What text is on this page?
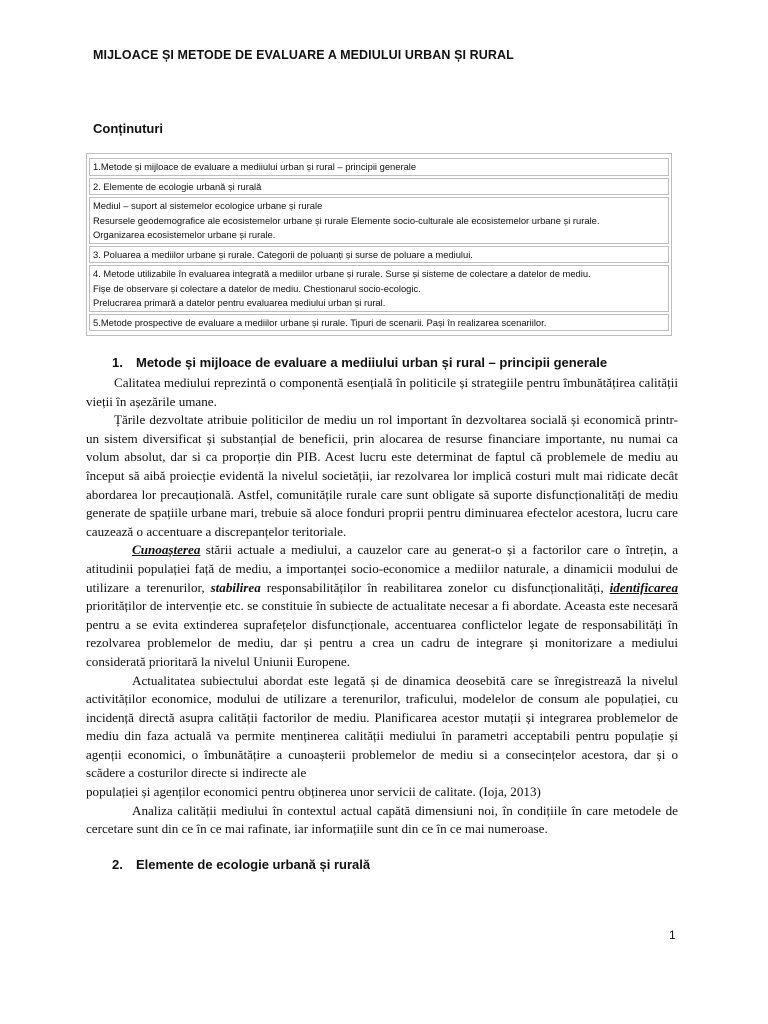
MIJLOACE ȘI METODE DE EVALUARE A MEDIULUI URBAN ȘI RURAL
Conținuturi
1.Metode și mijloace de evaluare a mediiului urban și rural – principii generale
2. Elemente de ecologie urbană și rurală
Mediul – suport al sistemelor ecologice urbane și rurale
Resursele geodemografice ale ecosistemelor urbane și rurale Elemente socio-culturale ale ecosistemelor urbane și rurale.
Organizarea ecosistemelor urbane și rurale.
3. Poluarea a mediilor urbane și rurale. Categorii de poluanți și surse de poluare a mediului.
4. Metode utilizabile în evaluarea integrată a mediilor urbane și rurale. Surse și sisteme de colectare a datelor de mediu.
Fișe de observare și colectare a datelor de mediu. Chestionarul socio-ecologic.
Prelucrarea primară a datelor pentru evaluarea mediului urban și rural.
5.Metode prospective de evaluare a mediilor urbane și rurale. Tipuri de scenarii. Pași în realizarea scenariilor.
1. Metode și mijloace de evaluare a mediiului urban și rural – principii generale

Calitatea mediului reprezintă o componentă esențială în politicile și strategiile pentru îmbunătățirea calității vieții în așezările umane.

Țările dezvoltate atribuie politicilor de mediu un rol important în dezvoltarea socială și economică printr-un sistem diversificat și substanțial de beneficii, prin alocarea de resurse financiare importante, nu numai ca volum absolut, dar si ca proporție din PIB. Acest lucru este determinat de faptul că problemele de mediu au început să aibă proiecție evidentă la nivelul societății, iar rezolvarea lor implică costuri mult mai ridicate decât abordarea lor precauțională. Astfel, comunitățile rurale care sunt obligate să suporte disfuncționalități de mediu generate de spațiile urbane mari, trebuie să aloce fonduri proprii pentru diminuarea efectelor acestora, lucru care cauzează o accentuare a discrepanțelor teritoriale.

Cunoașterea stării actuale a mediului, a cauzelor care au generat-o și a factorilor care o întrețin, a atitudinii populației față de mediu, a importanței socio-economice a mediilor naturale, a dinamicii modului de utilizare a terenurilor, stabilirea responsabilităților în reabilitarea zonelor cu disfuncționalități, identificarea priorităților de intervenție etc. se constituie în subiecte de actualitate necesar a fi abordate. Aceasta este necesară pentru a se evita extinderea suprafețelor disfuncționale, accentuarea conflictelor legate de responsabilități în rezolvarea problemelor de mediu, dar și pentru a crea un cadru de integrare și monitorizare a mediului considerată prioritară la nivelul Uniunii Europene.

Actualitatea subiectului abordat este legată și de dinamica deosebită care se înregistrează la nivelul activităților economice, modului de utilizare a terenurilor, traficului, modelelor de consum ale populației, cu incidență directă asupra calității factorilor de mediu. Planificarea acestor mutații și integrarea problemelor de mediu din faza actuală va permite menținerea calității mediului în parametri acceptabili pentru populație și agenții economici, o îmbunătățire a cunoașterii problemelor de mediu si a consecințelor acestora, dar și o scădere a costurilor directe si indirecte ale

populației și agenților economici pentru obținerea unor servicii de calitate. (Ioja, 2013)

Analiza calității mediului în contextul actual capătă dimensiuni noi, în condițiile în care metodele de cercetare sunt din ce în ce mai rafinate, iar informațiile sunt din ce în ce mai numeroase.

2. Elemente de ecologie urbană și rurală
1
